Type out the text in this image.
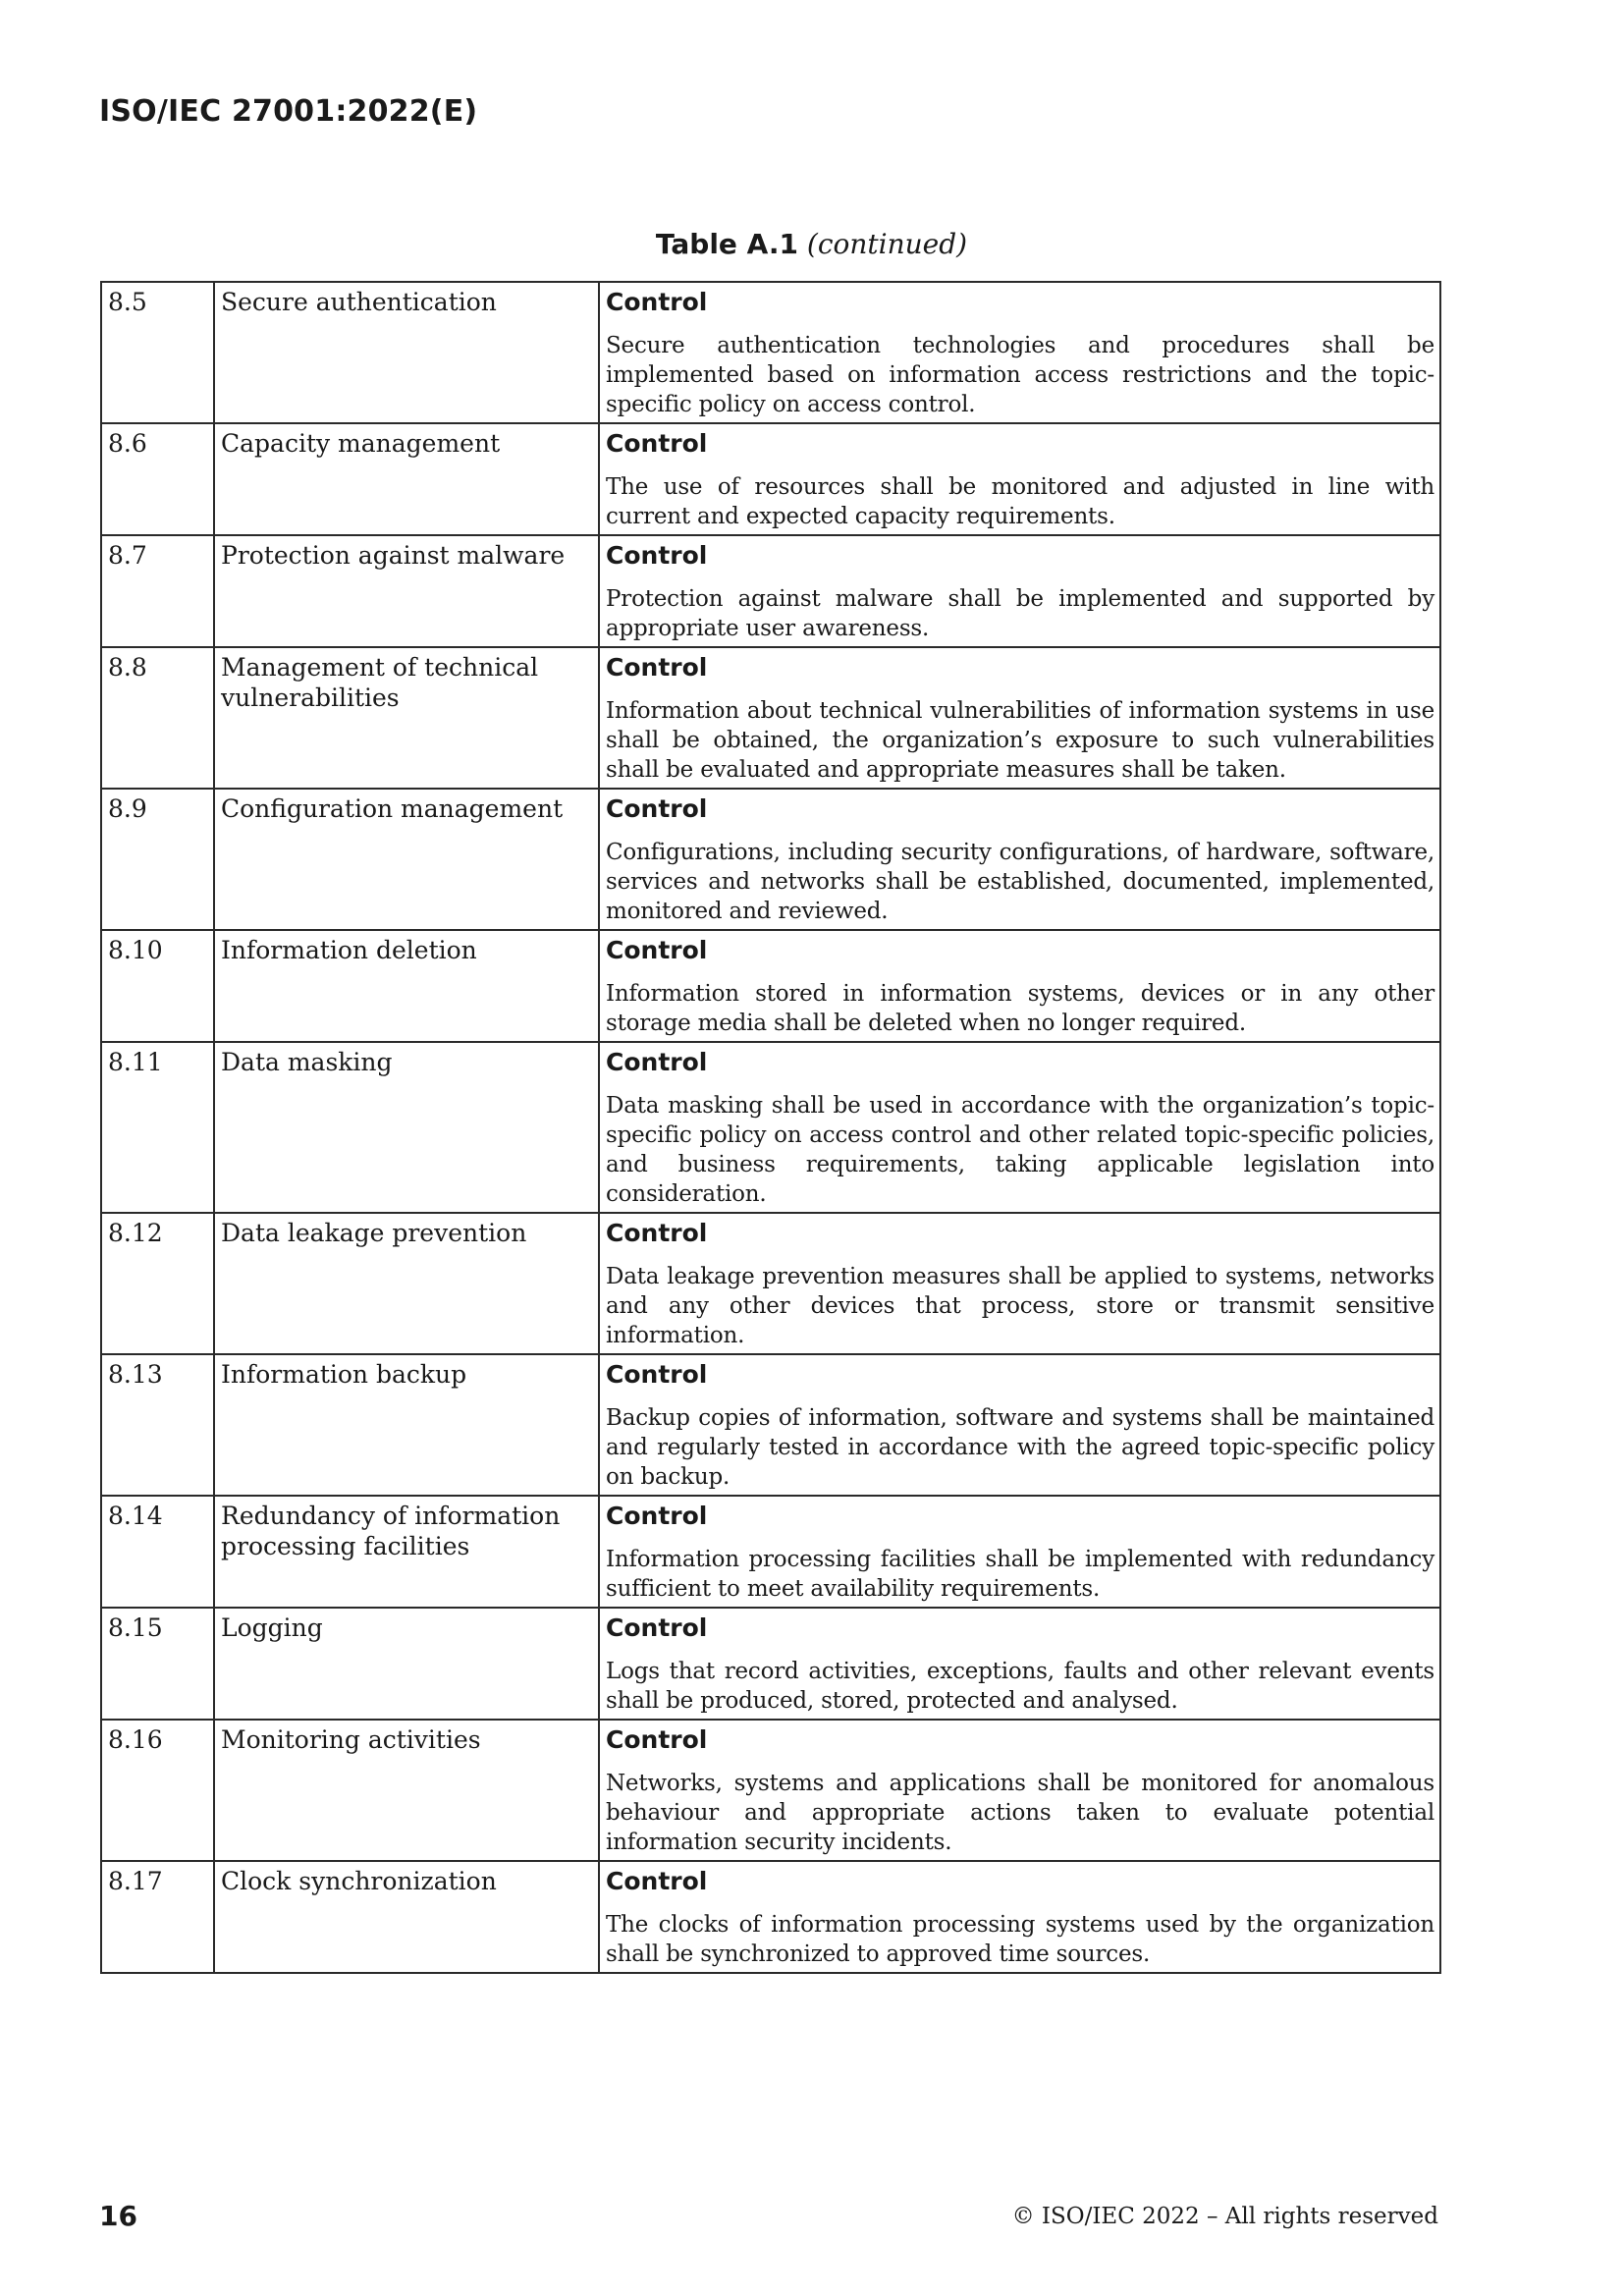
ISO/IEC 27001:2022(E)
Table A.1 (continued)
8.5	Secure authentication	Control
Secure authentication technologies and procedures shall be implemented based on information access restrictions and the topic-specific policy on access control.

8.6	Capacity management	Control
The use of resources shall be monitored and adjusted in line with current and expected capacity requirements.

8.7	Protection against malware	Control
Protection against malware shall be implemented and supported by appropriate user awareness.

8.8	Management of technical vulnerabilities	Control
Information about technical vulnerabilities of information systems in use shall be obtained, the organization’s exposure to such vulnerabilities shall be evaluated and appropriate measures shall be taken.

8.9	Configuration management	Control
Configurations, including security configurations, of hardware, software, services and networks shall be established, documented, implemented, monitored and reviewed.

8.10	Information deletion	Control
Information stored in information systems, devices or in any other storage media shall be deleted when no longer required.

8.11	Data masking	Control
Data masking shall be used in accordance with the organization’s topic-specific policy on access control and other related topic-specific policies, and business requirements, taking applicable legislation into consideration.

8.12	Data leakage prevention	Control
Data leakage prevention measures shall be applied to systems, networks and any other devices that process, store or transmit sensitive information.

8.13	Information backup	Control
Backup copies of information, software and systems shall be maintained and regularly tested in accordance with the agreed topic-specific policy on backup.

8.14	Redundancy of information processing facilities	Control
Information processing facilities shall be implemented with redundancy sufficient to meet availability requirements.

8.15	Logging	Control
Logs that record activities, exceptions, faults and other relevant events shall be produced, stored, protected and analysed.

8.16	Monitoring activities	Control
Networks, systems and applications shall be monitored for anomalous behaviour and appropriate actions taken to evaluate potential information security incidents.

8.17	Clock synchronization	Control
The clocks of information processing systems used by the organization shall be synchronized to approved time sources.
16	© ISO/IEC 2022 – All rights reserved
